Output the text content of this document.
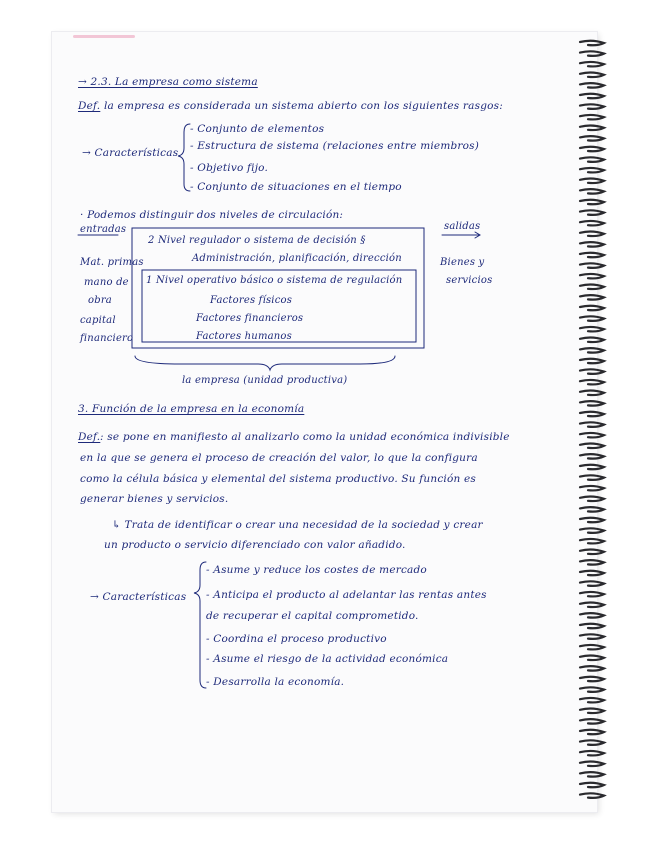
→ 2.3. La empresa como sistema
Def. la empresa es considerada un sistema abierto con los siguientes rasgos:
→ Características
- Conjunto de elementos
- Estructura de sistema (relaciones entre miembros)
- Objetivo fijo.
- Conjunto de situaciones en el tiempo
· Podemos distinguir dos niveles de circulación:
entradas
Mat. primas
mano de
obra
capital
financiero
salidas
Bienes y
servicios
2 Nivel regulador o sistema de decisión §
Administración, planificación, dirección
1 Nivel operativo básico o sistema de regulación
Factores físicos
Factores financieros
Factores humanos
la empresa (unidad productiva)
3. Función de la empresa en la economía
Def. : se pone en manifiesto al analizarlo como la unidad económica indivisible
en la que se genera el proceso de creación del valor, lo que la configura
como la célula básica y elemental del sistema productivo. Su función es
generar bienes y servicios.
↳ Trata de identificar o crear una necesidad de la sociedad y crear
un producto o servicio diferenciado con valor añadido.
→ Características
- Asume y reduce los costes de mercado
- Anticipa el producto al adelantar las rentas antes
de recuperar el capital comprometido.
- Coordina el proceso productivo
- Asume el riesgo de la actividad económica
- Desarrolla la economía.
